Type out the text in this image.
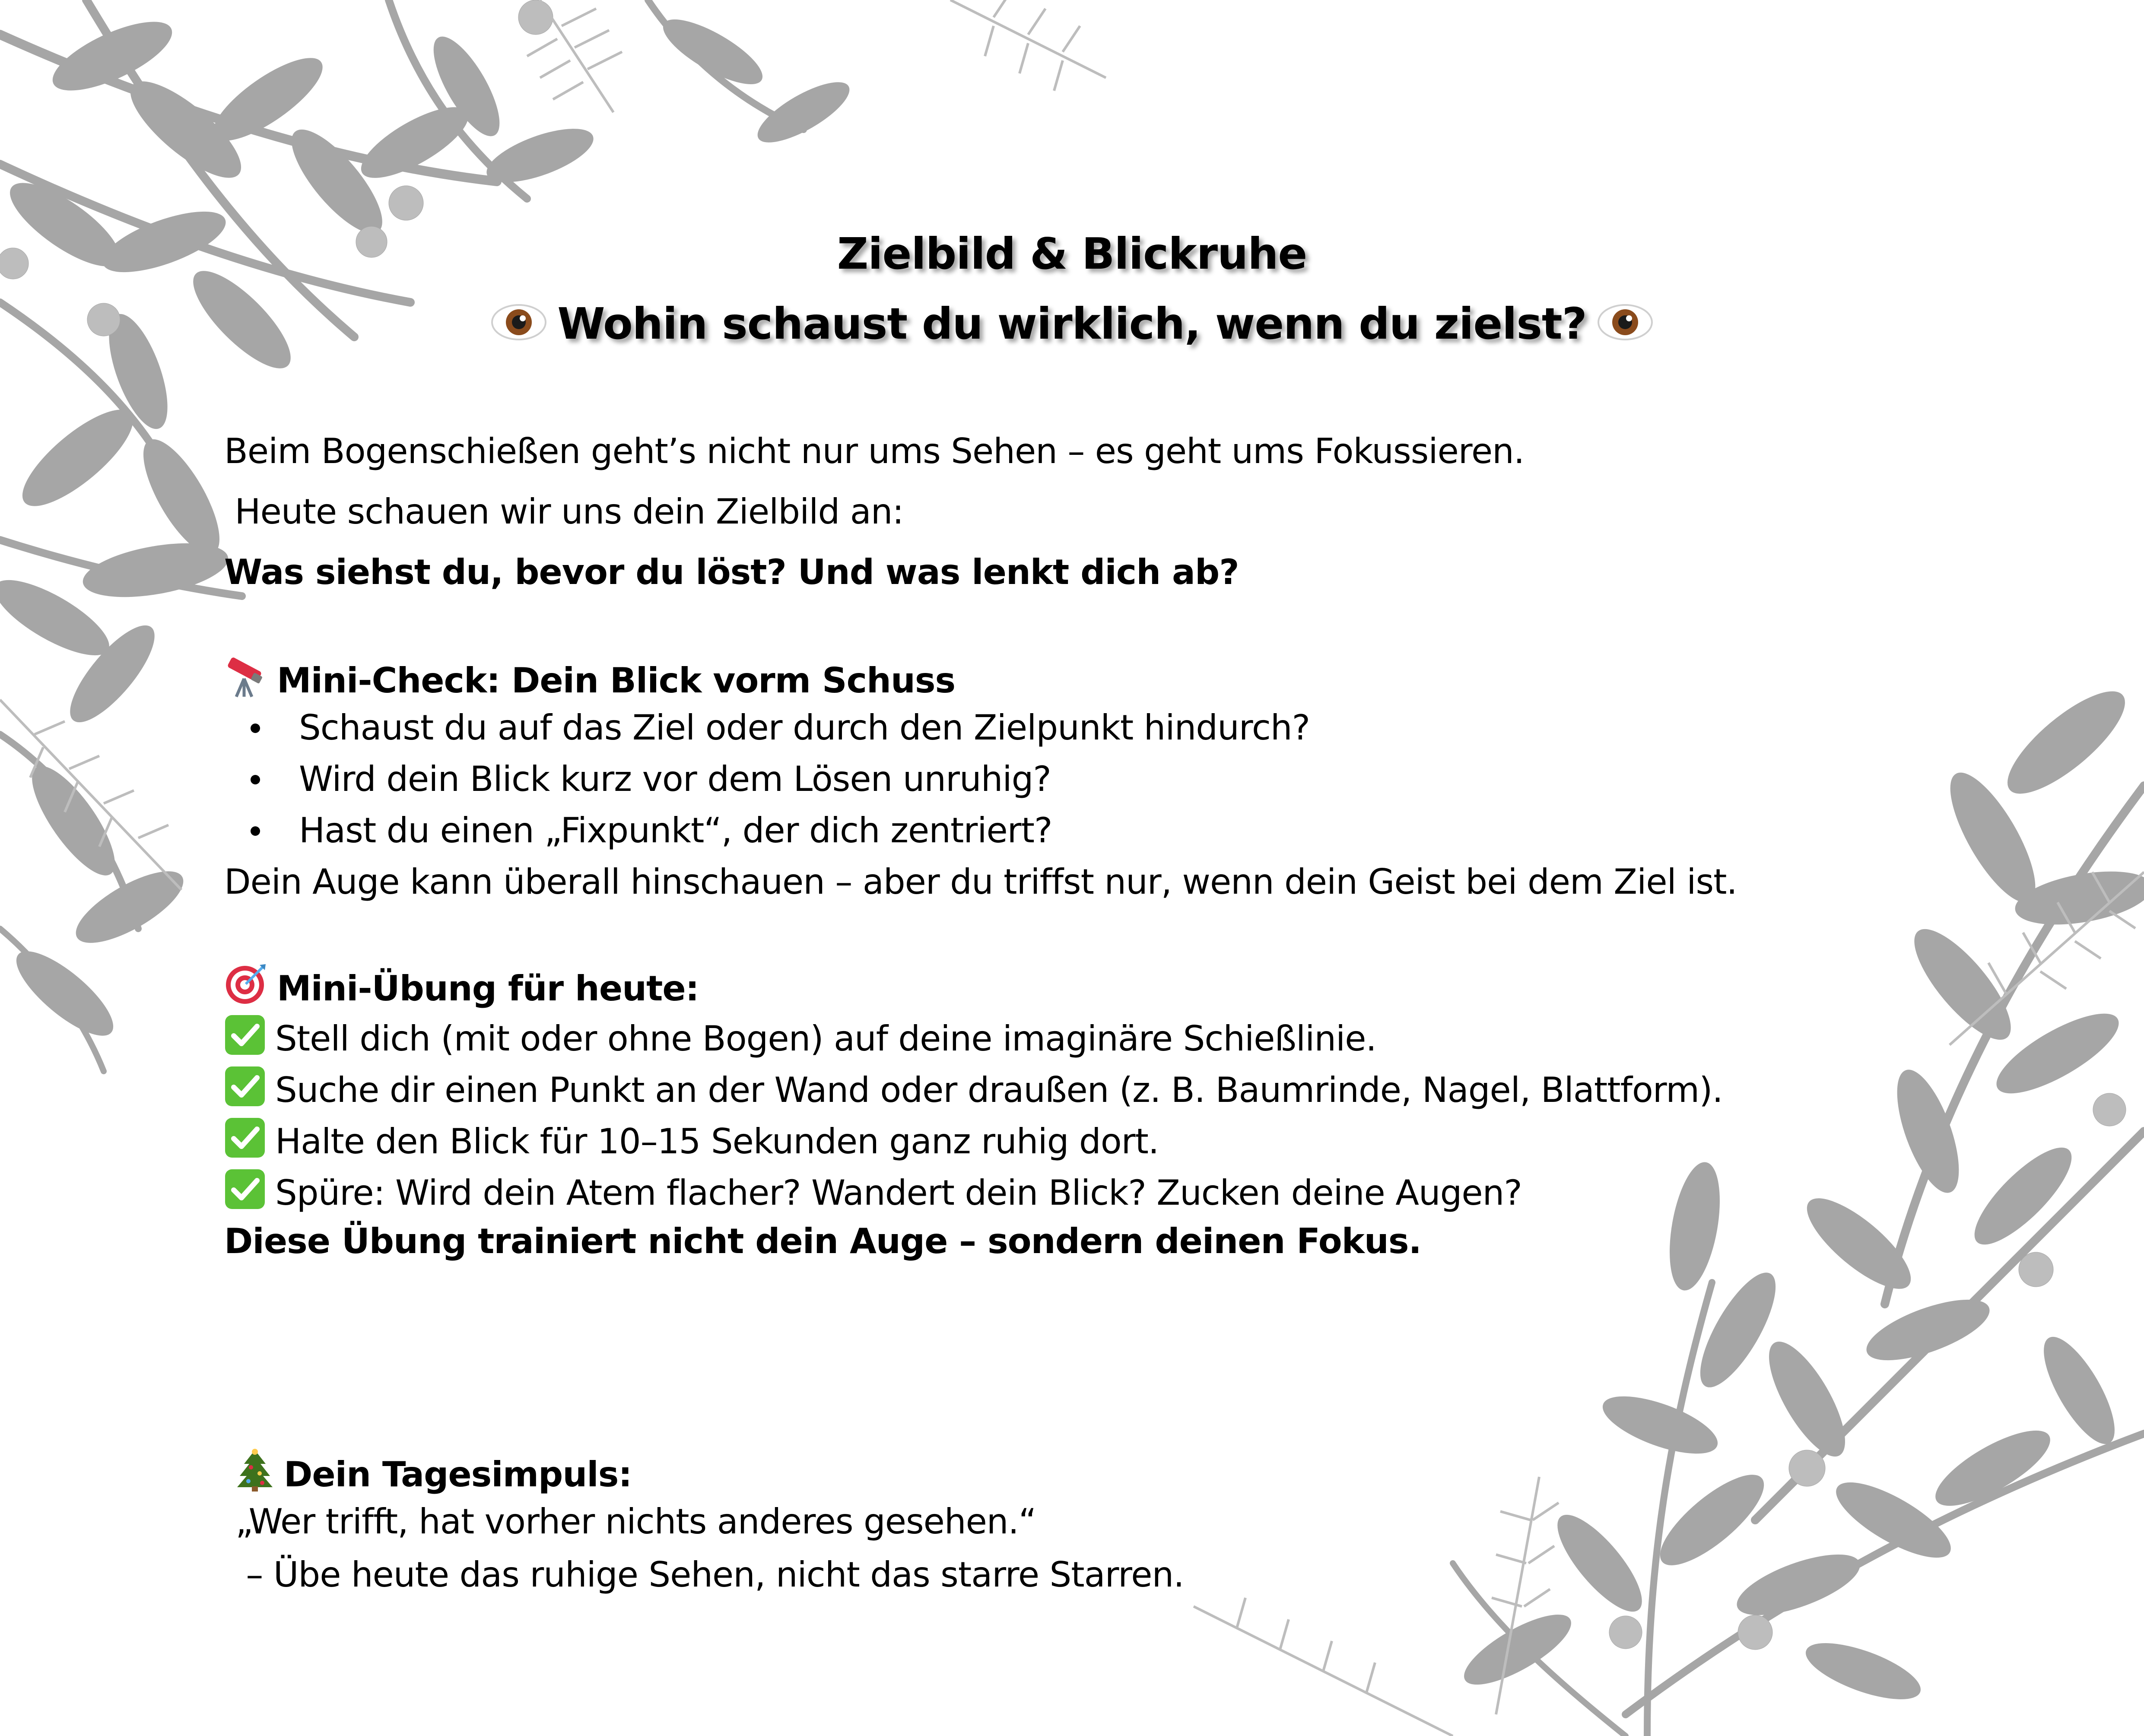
Zielbild & Blickruhe
Wohin schaust du wirklich, wenn du zielst?
Beim Bogenschießen geht’s nicht nur ums Sehen – es geht ums Fokussieren.
Heute schauen wir uns dein Zielbild an:
Was siehst du, bevor du löst? Und was lenkt dich ab?
Mini-Check: Dein Blick vorm Schuss
Schaust du auf das Ziel oder durch den Zielpunkt hindurch?
Wird dein Blick kurz vor dem Lösen unruhig?
Hast du einen „Fixpunkt“, der dich zentriert?
Dein Auge kann überall hinschauen – aber du triffst nur, wenn dein Geist bei dem Ziel ist.
Mini-Übung für heute:
Stell dich (mit oder ohne Bogen) auf deine imaginäre Schießlinie.
Suche dir einen Punkt an der Wand oder draußen (z. B. Baumrinde, Nagel, Blattform).
Halte den Blick für 10–15 Sekunden ganz ruhig dort.
Spüre: Wird dein Atem flacher? Wandert dein Blick? Zucken deine Augen?
Diese Übung trainiert nicht dein Auge – sondern deinen Fokus.
Dein Tagesimpuls:
„Wer trifft, hat vorher nichts anderes gesehen.“
– Übe heute das ruhige Sehen, nicht das starre Starren.
